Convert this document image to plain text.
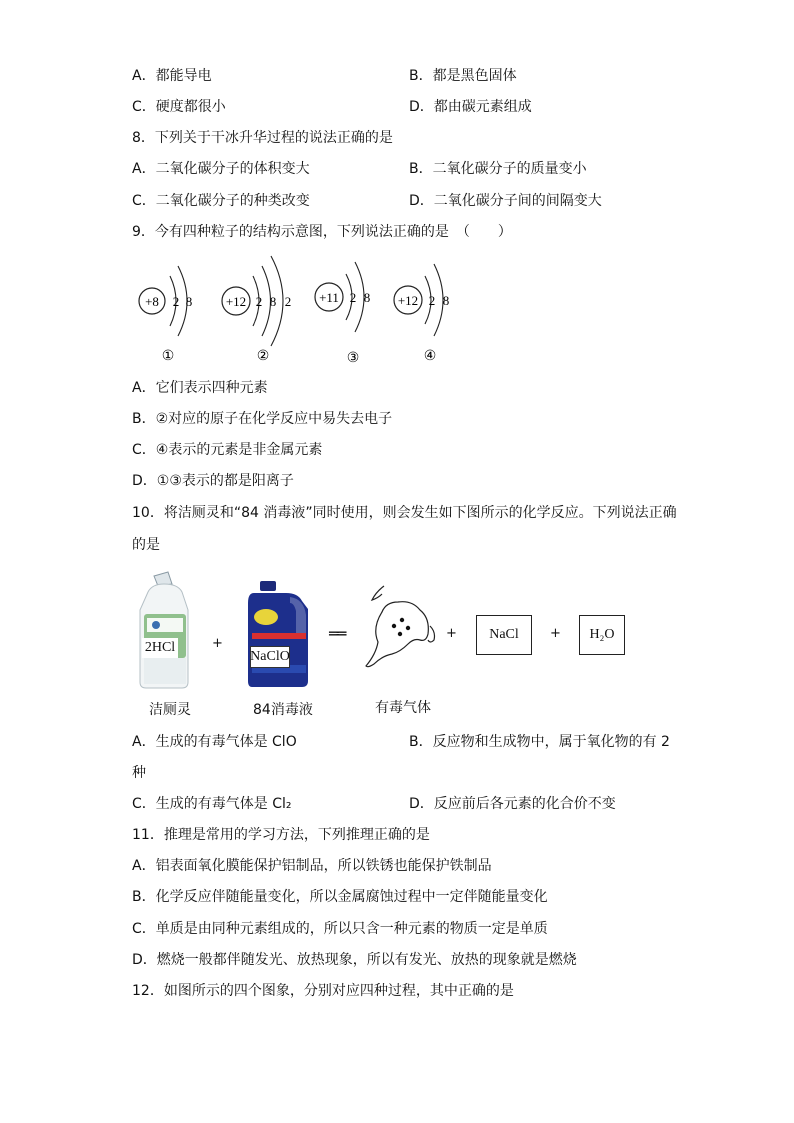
A．都能导电	B．都是黑色固体
C．硬度都很小	D．都由碳元素组成
8．下列关于干冰升华过程的说法正确的是
A．二氧化碳分子的体积变大	B．二氧化碳分子的质量变小
C．二氧化碳分子的种类改变	D．二氧化碳分子间的间隔变大
9．今有四种粒子的结构示意图，下列说法正确的是　（　　）
+8 2 8
①
+12 2 8 2
②
+11 2 8
③
+12 2 8
④
A．它们表示四种元素
B．②对应的原子在化学反应中易失去电子
C．④表示的元素是非金属元素
D．①③表示的都是阳离子
10．将洁厕灵和“84 消毒液”同时使用，则会发生如下图所示的化学反应。下列说法正确
的是
2HCl	+
NaClO
══	+	NaCl	+	H₂O
洁厕灵	84消毒液	有毒气体
A．生成的有毒气体是 ClO	B．反应物和生成物中，属于氧化物的有 2
种
C．生成的有毒气体是 Cl₂	D．反应前后各元素的化合价不变
11．推理是常用的学习方法，下列推理正确的是
A．铝表面氧化膜能保护铝制品，所以铁锈也能保护铁制品
B．化学反应伴随能量变化，所以金属腐蚀过程中一定伴随能量变化
C．单质是由同种元素组成的，所以只含一种元素的物质一定是单质
D．燃烧一般都伴随发光、放热现象，所以有发光、放热的现象就是燃烧
12．如图所示的四个图象，分别对应四种过程，其中正确的是
